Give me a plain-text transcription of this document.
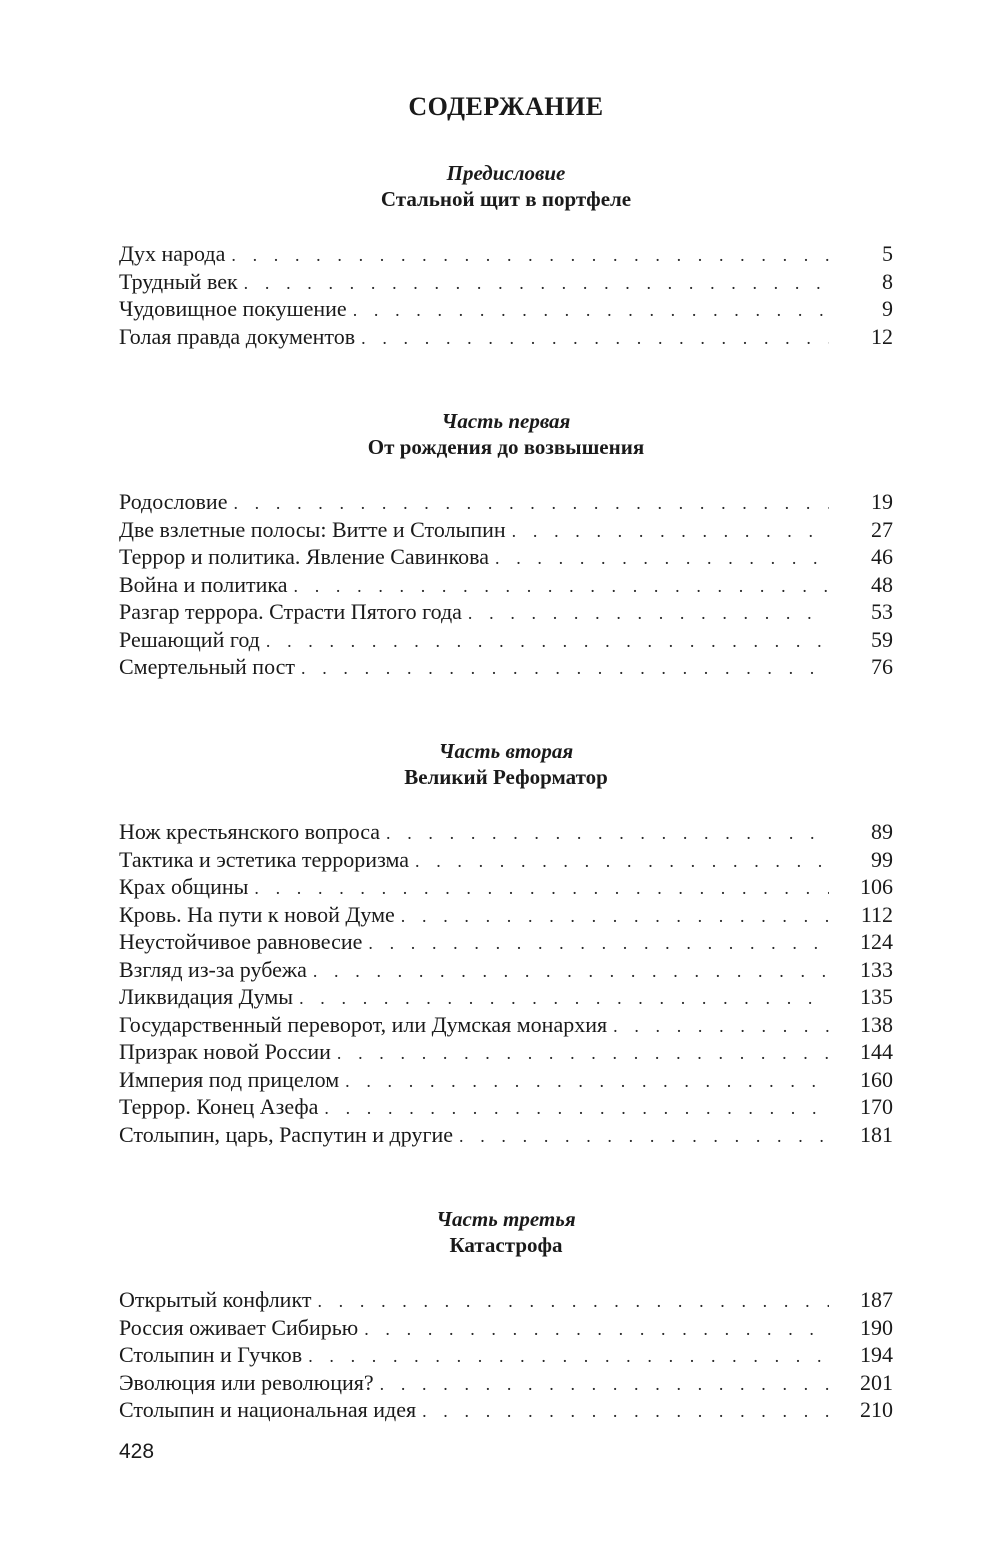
СОДЕРЖАНИЕ
Предисловие
Стальной щит в портфеле
Дух народа . . .	5
Трудный век . . .	8
Чудовищное покушение . . .	9
Голая правда документов . . .	12
Часть первая
От рождения до возвышения
Родословие . . .	19
Две взлетные полосы: Витте и Столыпин . . .	27
Террор и политика. Явление Савинкова . . .	46
Война и политика . . .	48
Разгар террора. Страсти Пятого года . . .	53
Решающий год . . .	59
Смертельный пост . . .	76
Часть вторая
Великий Реформатор
Нож крестьянского вопроса . . .	89
Тактика и эстетика терроризма . . .	99
Крах общины . . .	106
Кровь. На пути к новой Думе . . .	112
Неустойчивое равновесие . . .	124
Взгляд из-за рубежа . . .	133
Ликвидация Думы . . .	135
Государственный переворот, или Думская монархия . . .	138
Призрак новой России . . .	144
Империя под прицелом . . .	160
Террор. Конец Азефа . . .	170
Столыпин, царь, Распутин и другие . . .	181
Часть третья
Катастрофа
Открытый конфликт . . .	187
Россия оживает Сибирью . . .	190
Столыпин и Гучков . . .	194
Эволюция или революция? . . .	201
Столыпин и национальная идея . . .	210

428
